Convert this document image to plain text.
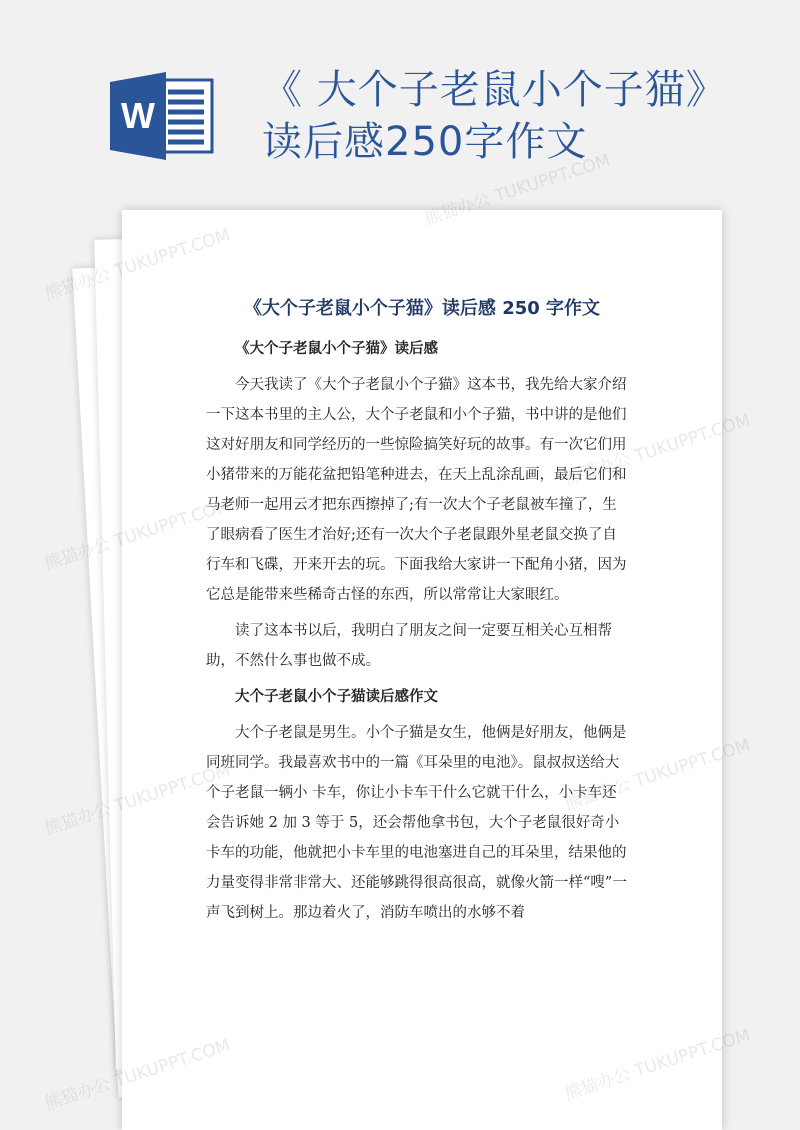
W
《 大个子老鼠小个子猫》读后感250字作文
《大个子老鼠小个子猫》读后感 250 字作文

《大个子老鼠小个子猫》读后感

今天我读了《大个子老鼠小个子猫》这本书，我先给大家介绍一下这本书里的主人公，大个子老鼠和小个子猫，书中讲的是他们这对好朋友和同学经历的一些惊险搞笑好玩的故事。有一次它们用小猪带来的万能花盆把铅笔种进去，在天上乱涂乱画，最后它们和马老师一起用云才把东西擦掉了;有一次大个子老鼠被车撞了，生了眼病看了医生才治好;还有一次大个子老鼠跟外星老鼠交换了自行车和飞碟，开来开去的玩。下面我给大家讲一下配角小猪，因为它总是能带来些稀奇古怪的东西，所以常常让大家眼红。

读了这本书以后，我明白了朋友之间一定要互相关心互相帮助，不然什么事也做不成。

大个子老鼠小个子猫读后感作文

大个子老鼠是男生。小个子猫是女生，他俩是好朋友，他俩是同班同学。我最喜欢书中的一篇《耳朵里的电池》。鼠叔叔送给大个子老鼠一辆小 卡车，你让小卡车干什么它就干什么，小卡车还会告诉她 2 加 3 等于 5，还会帮他拿书包，大个子老鼠很好奇小卡车的功能，他就把小卡车里的电池塞进自己的耳朵里，结果他的力量变得非常非常大、还能够跳得很高很高，就像火箭一样“嗖”一声飞到树上。那边着火了，消防车喷出的水够不着

熊猫办公 TUKUPPT.COM
熊猫办公
熊猫办公
熊猫办公
